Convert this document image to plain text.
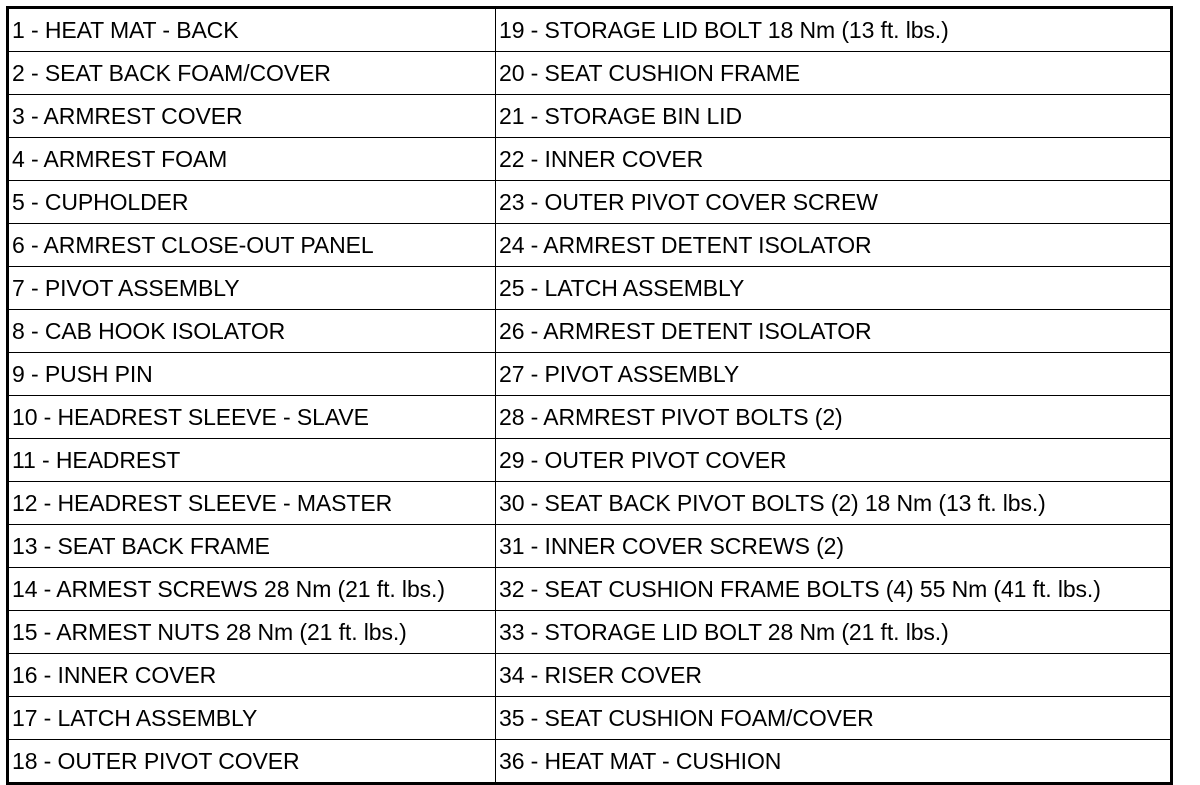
1 - HEAT MAT - BACK	19 - STORAGE LID BOLT 18 Nm (13 ft. lbs.)
2 - SEAT BACK FOAM/COVER	20 - SEAT CUSHION FRAME
3 - ARMREST COVER	21 - STORAGE BIN LID
4 - ARMREST FOAM	22 - INNER COVER
5 - CUPHOLDER	23 - OUTER PIVOT COVER SCREW
6 - ARMREST CLOSE-OUT PANEL	24 - ARMREST DETENT ISOLATOR
7 - PIVOT ASSEMBLY	25 - LATCH ASSEMBLY
8 - CAB HOOK ISOLATOR	26 - ARMREST DETENT ISOLATOR
9 - PUSH PIN	27 - PIVOT ASSEMBLY
10 - HEADREST SLEEVE - SLAVE	28 - ARMREST PIVOT BOLTS (2)
11 - HEADREST	29 - OUTER PIVOT COVER
12 - HEADREST SLEEVE - MASTER	30 - SEAT BACK PIVOT BOLTS (2) 18 Nm (13 ft. lbs.)
13 - SEAT BACK FRAME	31 - INNER COVER SCREWS (2)
14 - ARMEST SCREWS 28 Nm (21 ft. lbs.)	32 - SEAT CUSHION FRAME BOLTS (4) 55 Nm (41 ft. lbs.)
15 - ARMEST NUTS 28 Nm (21 ft. lbs.)	33 - STORAGE LID BOLT 28 Nm (21 ft. lbs.)
16 - INNER COVER	34 - RISER COVER
17 - LATCH ASSEMBLY	35 - SEAT CUSHION FOAM/COVER
18 - OUTER PIVOT COVER	36 - HEAT MAT - CUSHION
